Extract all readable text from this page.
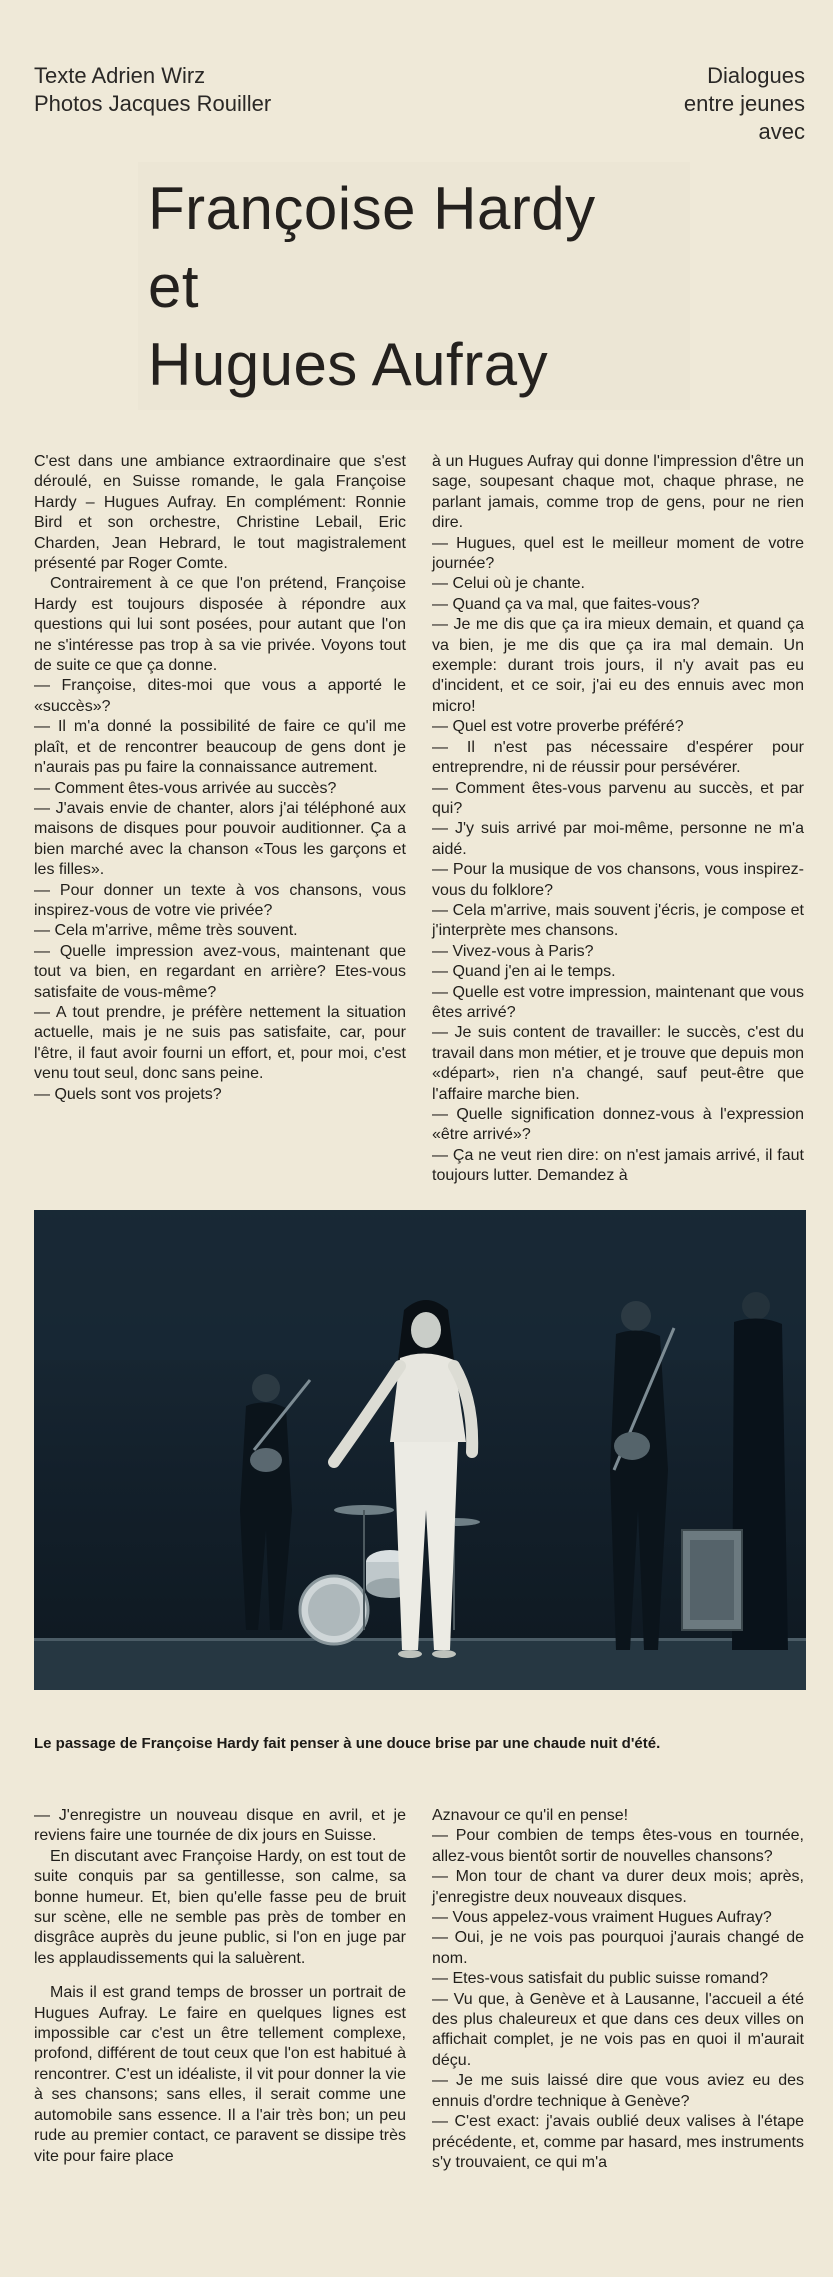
Texte Adrien Wirz
Photos Jacques Rouiller
Dialogues
entre jeunes
avec
Françoise Hardy
et
Hugues Aufray

C'est dans une ambiance extraordinaire que s'est déroulé, en Suisse romande, le gala Françoise Hardy – Hugues Aufray. En complément: Ronnie Bird et son orchestre, Christine Lebail, Eric Charden, Jean Hebrard, le tout magistralement présenté par Roger Comte.

Contrairement à ce que l'on prétend, Françoise Hardy est toujours disposée à répondre aux questions qui lui sont posées, pour autant que l'on ne s'intéresse pas trop à sa vie privée. Voyons tout de suite ce que ça donne.

— Françoise, dites-moi que vous a apporté le «succès»?

— Il m'a donné la possibilité de faire ce qu'il me plaît, et de rencontrer beaucoup de gens dont je n'aurais pas pu faire la connaissance autrement.

— Comment êtes-vous arrivée au succès?

— J'avais envie de chanter, alors j'ai téléphoné aux maisons de disques pour pouvoir auditionner. Ça a bien marché avec la chanson «Tous les garçons et les filles».

— Pour donner un texte à vos chansons, vous inspirez-vous de votre vie privée?

— Cela m'arrive, même très souvent.

— Quelle impression avez-vous, maintenant que tout va bien, en regardant en arrière? Etes-vous satisfaite de vous-même?

— A tout prendre, je préfère nettement la situation actuelle, mais je ne suis pas satisfaite, car, pour l'être, il faut avoir fourni un effort, et, pour moi, c'est venu tout seul, donc sans peine.

— Quels sont vos projets?

à un Hugues Aufray qui donne l'impression d'être un sage, soupesant chaque mot, chaque phrase, ne parlant jamais, comme trop de gens, pour ne rien dire.

— Hugues, quel est le meilleur moment de votre journée?

— Celui où je chante.

— Quand ça va mal, que faites-vous?

— Je me dis que ça ira mieux demain, et quand ça va bien, je me dis que ça ira mal demain. Un exemple: durant trois jours, il n'y avait pas eu d'incident, et ce soir, j'ai eu des ennuis avec mon micro!

— Quel est votre proverbe préféré?

— Il n'est pas nécessaire d'espérer pour entreprendre, ni de réussir pour persévérer.

— Comment êtes-vous parvenu au succès, et par qui?

— J'y suis arrivé par moi-même, personne ne m'a aidé.

— Pour la musique de vos chansons, vous inspirez-vous du folklore?

— Cela m'arrive, mais souvent j'écris, je compose et j'interprète mes chansons.

— Vivez-vous à Paris?

— Quand j'en ai le temps.

— Quelle est votre impression, maintenant que vous êtes arrivé?

— Je suis content de travailler: le succès, c'est du travail dans mon métier, et je trouve que depuis mon «départ», rien n'a changé, sauf peut-être que l'affaire marche bien.

— Quelle signification donnez-vous à l'expression «être arrivé»?

— Ça ne veut rien dire: on n'est jamais arrivé, il faut toujours lutter. Demandez à

Le passage de Françoise Hardy fait penser à une douce brise par une chaude nuit d'été.

— J'enregistre un nouveau disque en avril, et je reviens faire une tournée de dix jours en Suisse.

En discutant avec Françoise Hardy, on est tout de suite conquis par sa gentillesse, son calme, sa bonne humeur. Et, bien qu'elle fasse peu de bruit sur scène, elle ne semble pas près de tomber en disgrâce auprès du jeune public, si l'on en juge par les applaudissements qui la saluèrent.

Mais il est grand temps de brosser un portrait de Hugues Aufray. Le faire en quelques lignes est impossible car c'est un être tellement complexe, profond, différent de tout ceux que l'on est habitué à rencontrer. C'est un idéaliste, il vit pour donner la vie à ses chansons; sans elles, il serait comme une automobile sans essence. Il a l'air très bon; un peu rude au premier contact, ce paravent se dissipe très vite pour faire place

Aznavour ce qu'il en pense!

— Pour combien de temps êtes-vous en tournée, allez-vous bientôt sortir de nouvelles chansons?

— Mon tour de chant va durer deux mois; après, j'enregistre deux nouveaux disques.

— Vous appelez-vous vraiment Hugues Aufray?

— Oui, je ne vois pas pourquoi j'aurais changé de nom.

— Etes-vous satisfait du public suisse romand?

— Vu que, à Genève et à Lausanne, l'accueil a été des plus chaleureux et que dans ces deux villes on affichait complet, je ne vois pas en quoi il m'aurait déçu.

— Je me suis laissé dire que vous aviez eu des ennuis d'ordre technique à Genève?

— C'est exact: j'avais oublié deux valises à l'étape précédente, et, comme par hasard, mes instruments s'y trouvaient, ce qui m'a
